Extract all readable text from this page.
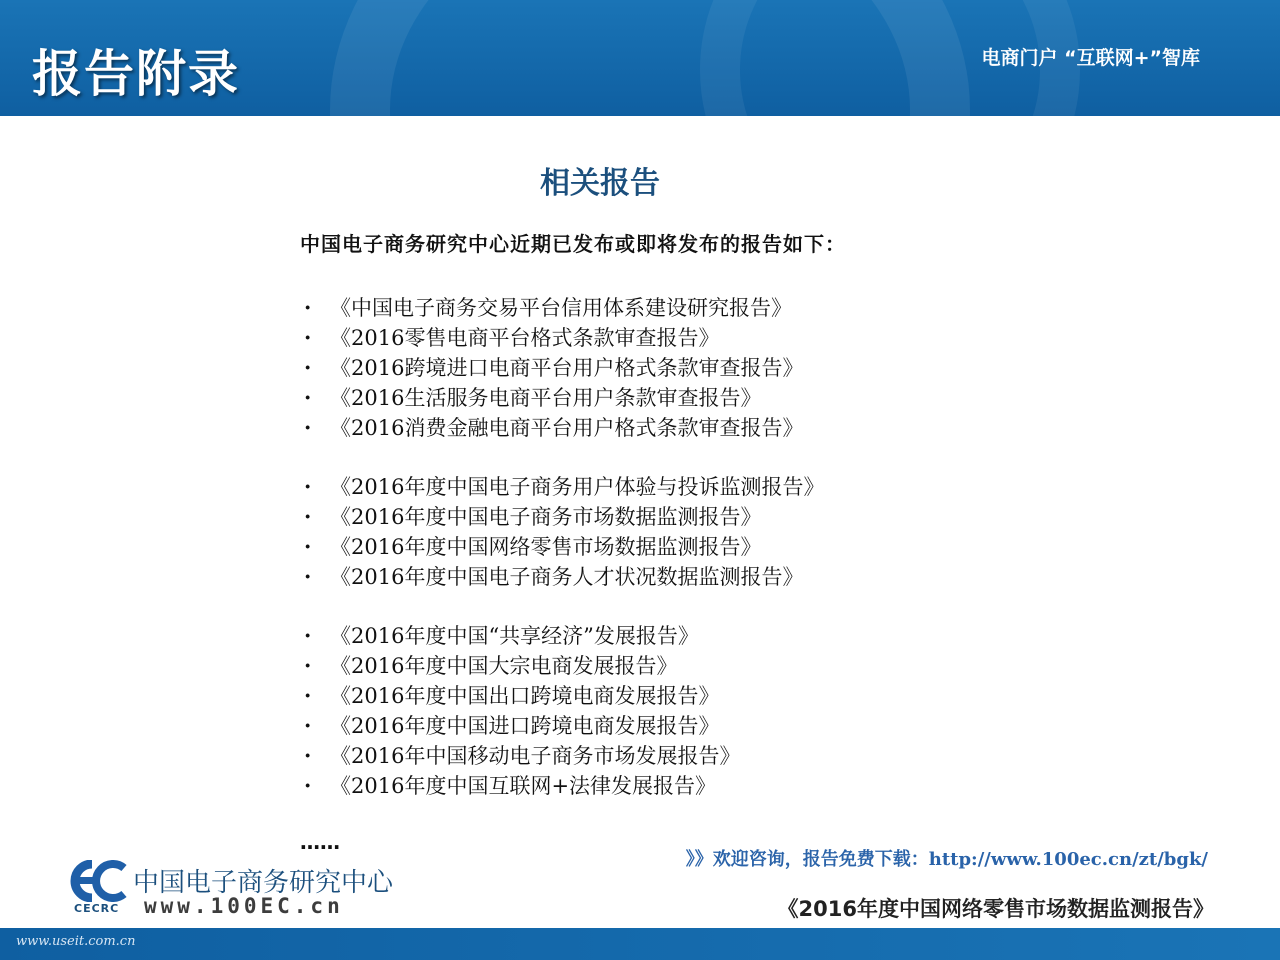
报告附录	电商门户 “互联网+”智库
相关报告
中国电子商务研究中心近期已发布或即将发布的报告如下：
· 《中国电子商务交易平台信用体系建设研究报告》
· 《2016零售电商平台格式条款审查报告》
· 《2016跨境进口电商平台用户格式条款审查报告》
· 《2016生活服务电商平台用户条款审查报告》
· 《2016消费金融电商平台用户格式条款审查报告》
· 《2016年度中国电子商务用户体验与投诉监测报告》
· 《2016年度中国电子商务市场数据监测报告》
· 《2016年度中国网络零售市场数据监测报告》
· 《2016年度中国电子商务人才状况数据监测报告》
· 《2016年度中国“共享经济”发展报告》
· 《2016年度中国大宗电商发展报告》
· 《2016年度中国出口跨境电商发展报告》
· 《2016年度中国进口跨境电商发展报告》
· 《2016年中国移动电子商务市场发展报告》
· 《2016年度中国互联网+法律发展报告》
……
CECRC
中国电子商务研究中心
www.100EC.cn
》》欢迎咨询，报告免费下载：http://www.100ec.cn/zt/bgk/
《2016年度中国网络零售市场数据监测报告》
www.useit.com.cn
